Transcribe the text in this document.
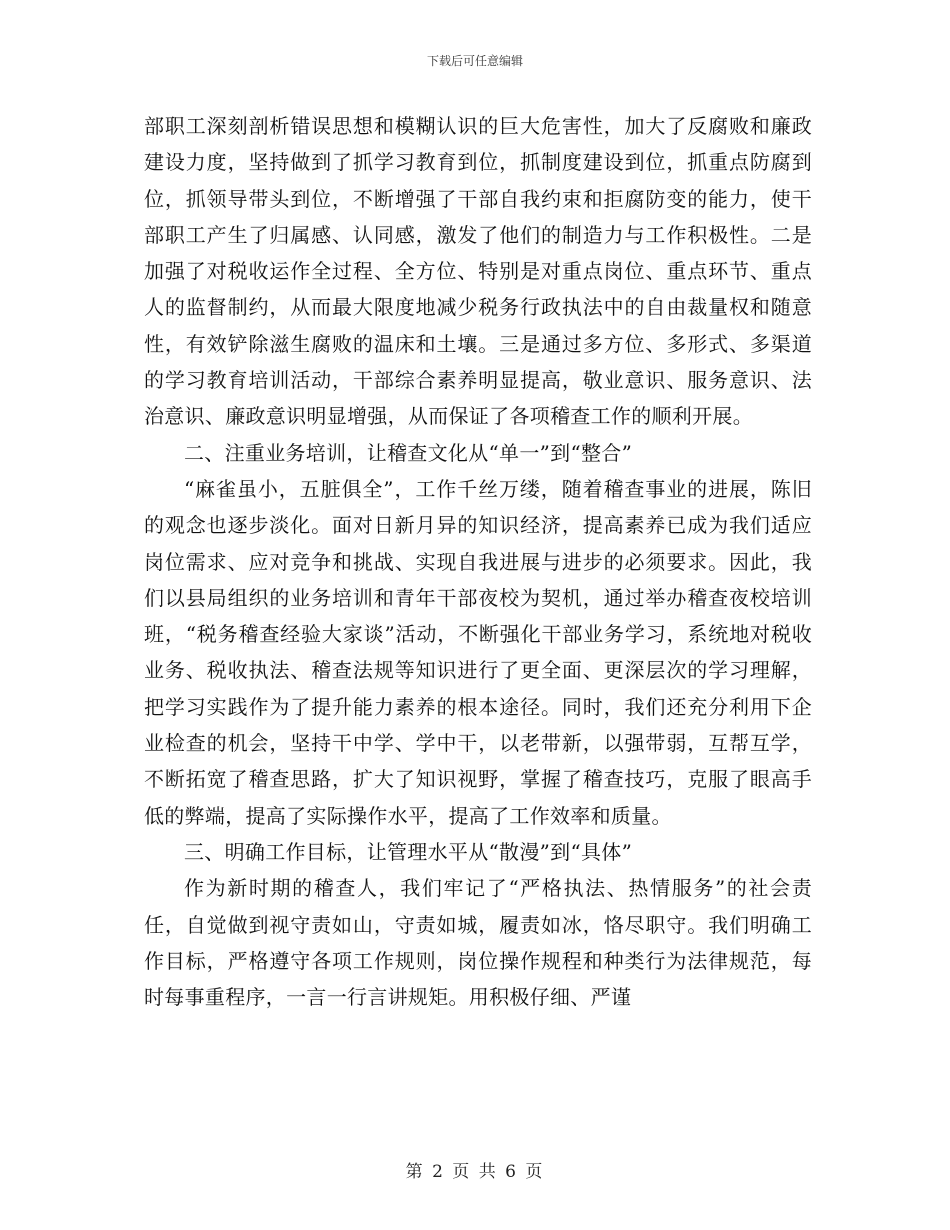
下载后可任意编辑

部职工深刻剖析错误思想和模糊认识的巨大危害性，加大了反腐败和廉政建设力度，坚持做到了抓学习教育到位，抓制度建设到位，抓重点防腐到位，抓领导带头到位，不断增强了干部自我约束和拒腐防变的能力，使干部职工产生了归属感、认同感，激发了他们的制造力与工作积极性。二是加强了对税收运作全过程、全方位、特别是对重点岗位、重点环节、重点人的监督制约，从而最大限度地减少税务行政执法中的自由裁量权和随意性，有效铲除滋生腐败的温床和土壤。三是通过多方位、多形式、多渠道的学习教育培训活动，干部综合素养明显提高，敬业意识、服务意识、法治意识、廉政意识明显增强，从而保证了各项稽查工作的顺利开展。

二、注重业务培训，让稽查文化从“单一”到“整合”

“麻雀虽小，五脏俱全”，工作千丝万缕，随着稽查事业的进展，陈旧的观念也逐步淡化。面对日新月异的知识经济，提高素养已成为我们适应岗位需求、应对竞争和挑战、实现自我进展与进步的必须要求。因此，我们以县局组织的业务培训和青年干部夜校为契机，通过举办稽查夜校培训班，“税务稽查经验大家谈”活动，不断强化干部业务学习，系统地对税收业务、税收执法、稽查法规等知识进行了更全面、更深层次的学习理解，把学习实践作为了提升能力素养的根本途径。同时，我们还充分利用下企业检查的机会，坚持干中学、学中干，以老带新，以强带弱，互帮互学，不断拓宽了稽查思路，扩大了知识视野，掌握了稽查技巧，克服了眼高手低的弊端，提高了实际操作水平，提高了工作效率和质量。

三、明确工作目标，让管理水平从“散漫”到“具体”

作为新时期的稽查人，我们牢记了“严格执法、热情服务”的社会责任，自觉做到视守责如山，守责如城，履责如冰，恪尽职守。我们明确工作目标，严格遵守各项工作规则，岗位操作规程和种类行为法律规范，每时每事重程序，一言一行言讲规矩。用积极仔细、严谨

第 2 页 共 6 页
